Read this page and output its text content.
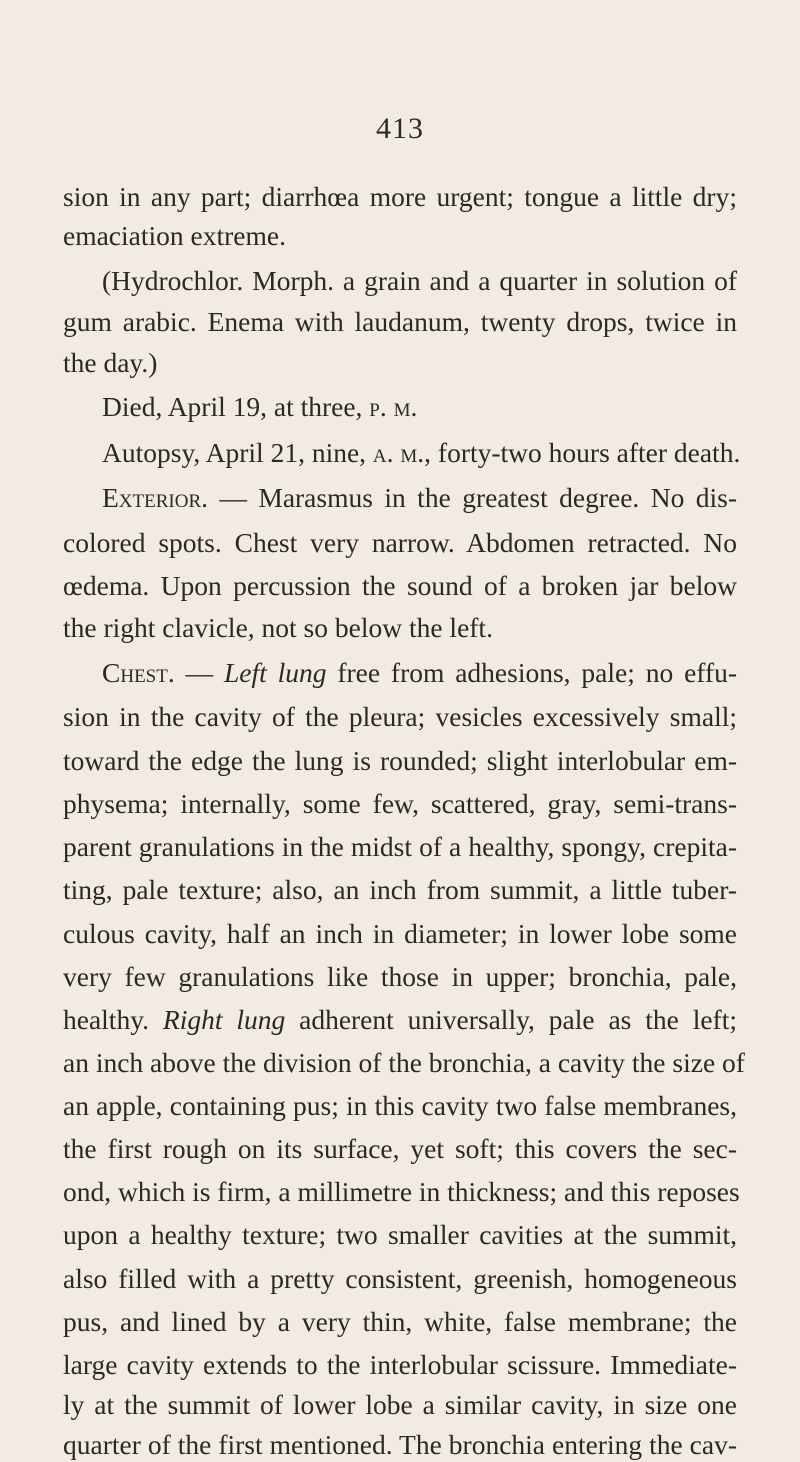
413
sion in any part; diarrhœa more urgent; tongue a little dry;
emaciation extreme.
(Hydrochlor. Morph. a grain and a quarter in solution of
gum arabic. Enema with laudanum, twenty drops, twice in
the day.)
Died, April 19, at three, p. m.
Autopsy, April 21, nine, a. m., forty-two hours after death.
Exterior. — Marasmus in the greatest degree. No dis-
colored spots. Chest very narrow. Abdomen retracted. No
œdema. Upon percussion the sound of a broken jar below
the right clavicle, not so below the left.
Chest. — Left lung free from adhesions, pale; no effu-
sion in the cavity of the pleura; vesicles excessively small;
toward the edge the lung is rounded; slight interlobular em-
physema; internally, some few, scattered, gray, semi-trans-
parent granulations in the midst of a healthy, spongy, crepita-
ting, pale texture; also, an inch from summit, a little tuber-
culous cavity, half an inch in diameter; in lower lobe some
very few granulations like those in upper; bronchia, pale,
healthy. Right lung adherent universally, pale as the left;
an inch above the division of the bronchia, a cavity the size of
an apple, containing pus; in this cavity two false membranes,
the first rough on its surface, yet soft; this covers the sec-
ond, which is firm, a millimetre in thickness; and this reposes
upon a healthy texture; two smaller cavities at the summit,
also filled with a pretty consistent, greenish, homogeneous
pus, and lined by a very thin, white, false membrane; the
large cavity extends to the interlobular scissure. Immediate-
ly at the summit of lower lobe a similar cavity, in size one
quarter of the first mentioned. The bronchia entering the cav-
